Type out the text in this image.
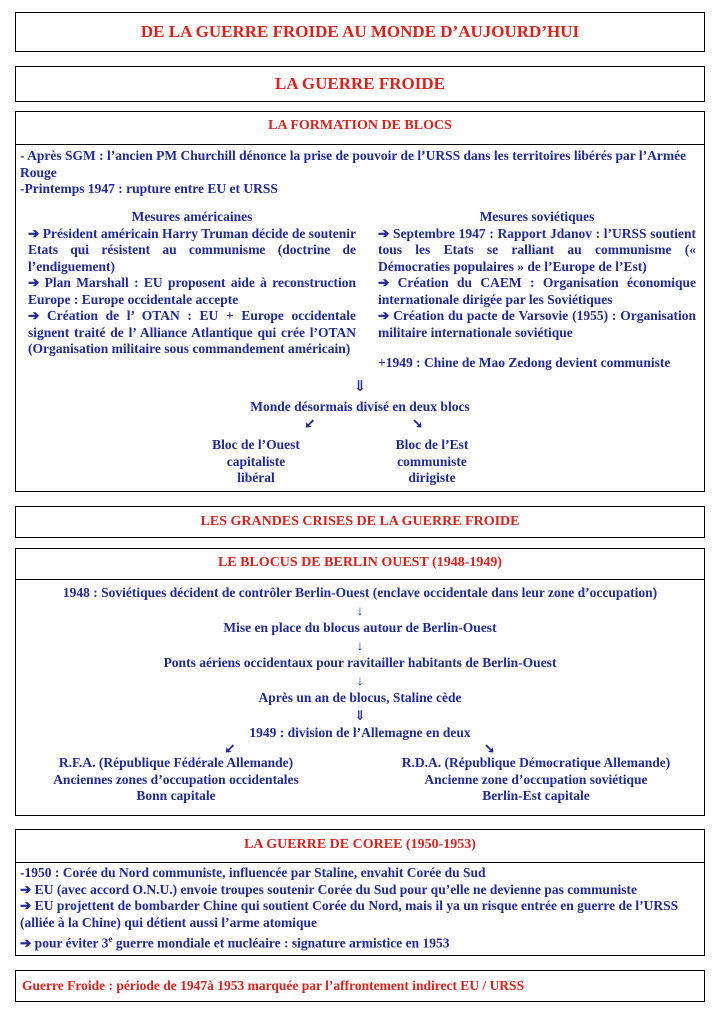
DE LA GUERRE FROIDE AU MONDE D’AUJOURD’HUI
LA GUERRE FROIDE
LA FORMATION DE BLOCS
- Après SGM : l’ancien PM Churchill dénonce la prise de pouvoir de l’URSS dans les territoires libérés par l’Armée Rouge
-Printemps 1947 : rupture entre EU et URSS
Mesures américaines
➔ Président américain Harry Truman décide de soutenir Etats qui résistent au communisme (doctrine de l’endiguement)
➔ Plan Marshall : EU proposent aide à reconstruction Europe : Europe occidentale accepte
➔ Création de l’ OTAN : EU + Europe occidentale signent traité de l’ Alliance Atlantique qui crée l’OTAN (Organisation militaire sous commandement américain)
Mesures soviétiques
➔ Septembre 1947 : Rapport Jdanov : l’URSS soutient tous les Etats se ralliant au communisme (« Démocraties populaires » de l’Europe de l’Est)
➔ Création du CAEM : Organisation économique internationale dirigée par les Soviétiques
➔ Création du pacte de Varsovie (1955) : Organisation militaire internationale soviétique
+1949 : Chine de Mao Zedong devient communiste
⇓
Monde désormais divisé en deux blocs
➘	➘
Bloc de l’Ouest
capitaliste
libéral
Bloc de l’Est
communiste
dirigiste
LES GRANDES CRISES DE LA GUERRE FROIDE
LE BLOCUS DE BERLIN OUEST (1948-1949)
1948 : Soviétiques décident de contrôler Berlin-Ouest (enclave occidentale dans leur zone d’occupation)
↓
Mise en place du blocus autour de Berlin-Ouest
↓
Ponts aériens occidentaux pour ravitailler habitants de Berlin-Ouest
↓
Après un an de blocus, Staline cède
⇓
1949 : division de l’Allemagne en deux
➘	➘
R.F.A. (République Fédérale Allemande)
Anciennes zones d’occupation occidentales
Bonn capitale
R.D.A. (République Démocratique Allemande)
Ancienne zone d’occupation soviétique
Berlin-Est capitale
LA GUERRE DE COREE (1950-1953)
-1950 : Corée du Nord communiste, influencée par Staline, envahit Corée du Sud
➔ EU (avec accord O.N.U.) envoie troupes soutenir Corée du Sud pour qu’elle ne devienne pas communiste
➔ EU projettent de bombarder Chine qui soutient Corée du Nord, mais il ya un risque entrée en guerre de l’URSS (alliée à la Chine) qui détient aussi l’arme atomique
➔ pour éviter 3e guerre mondiale et nucléaire : signature armistice en 1953
Guerre Froide : période de 1947à 1953 marquée par l’affrontement indirect EU / URSS
